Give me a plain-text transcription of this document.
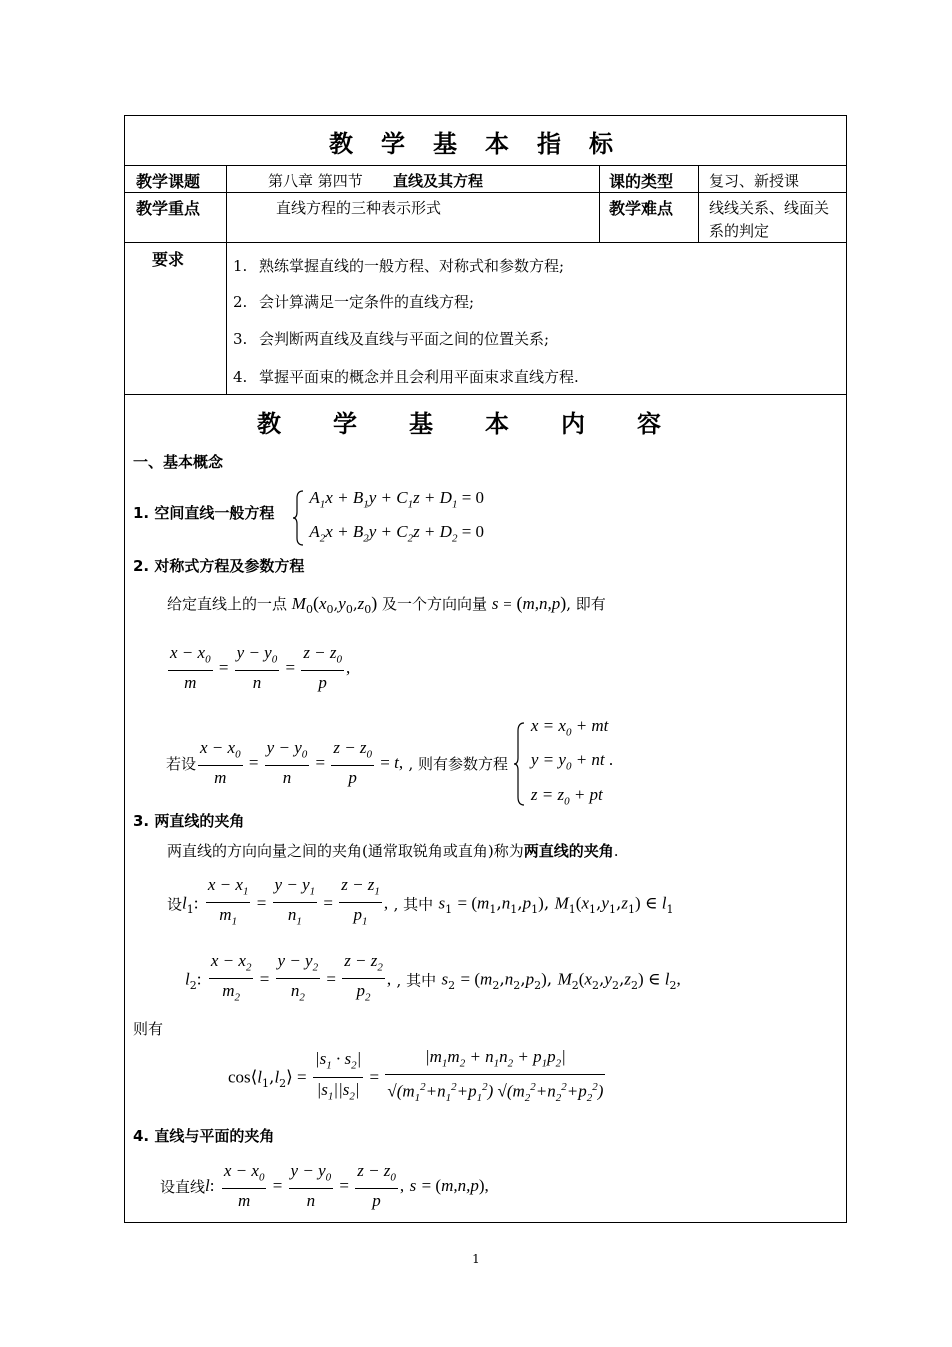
教学基本指标
教学课题	第八章 第四节 直线及其方程	课的类型 复习、新授课
教学重点	直线方程的三种表示形式	教学难点 线线关系、线面关
系的判定
要求	1. 熟练掌握直线的一般方程、对称式和参数方程;
2. 会计算满足一定条件的直线方程;
3. 会判断两直线及直线与平面之间的位置关系;
4. 掌握平面束的概念并且会利用平面束求直线方程.
教学基本内容
一、基本概念
1. 空间直线一般方程
$A_1x + B_1y + C_1z + D_1 = 0$
$A_2x + B_2y + C_2z + D_2 = 0$
2. 对称式方程及参数方程
给定直线上的一点 $M_0(x_0,y_0,z_0)$ 及一个方向向量 s = (m,n,p), 即有
$\frac{x - x_0}{m} = \frac{y - y_0}{n} = \frac{z - z_0}{p}$ ,
若设 $\frac{x - x_0}{m} = \frac{y - y_0}{n} = \frac{z - z_0}{p} = t$, , 则有参数方程  $x = x_0$ + mt
$y = y_0$ + nt .
$z = z_0$ + pt
3. 两直线的夹角
两直线的方向向量之间的夹角(通常取锐角或直角)称为两直线的夹角.
设$l_1$: $\frac{x - x_1}{m_1} = \frac{y - y_1}{n_1} = \frac{z - z_1}{p_1}$ , , 其中 $s_1 = (m_1,n_1,p_1)$, $M_1(x_1,y_1,z_1)$ ∈ $l_1$
$l_2$: $\frac{x - x_2}{m_2} = \frac{y - y_2}{n_2} = \frac{z - z_2}{p_2}$ , , 其中 $s_2 = (m_2,n_2,p_2)$, $M_2(x_2,y_2,z_2)$ ∈ $l_2$,
则有
$\cos⟨l_1,l_2⟩ = \frac{|s_1 \cdot s_2|}{|s_1||s_2|} = \frac{|m_1m_2 + n_1n_2 + p_1p_2|}{√(m_1^2+n_1^2+p_1^2) √(m_2^2+n_2^2+p_2^2)}$
4. 直线与平面的夹角
设直线l: $\frac{x - x_0}{m} = \frac{y - y_0}{n} = \frac{z - z_0}{p}$ , s = (m,n,p),
1
